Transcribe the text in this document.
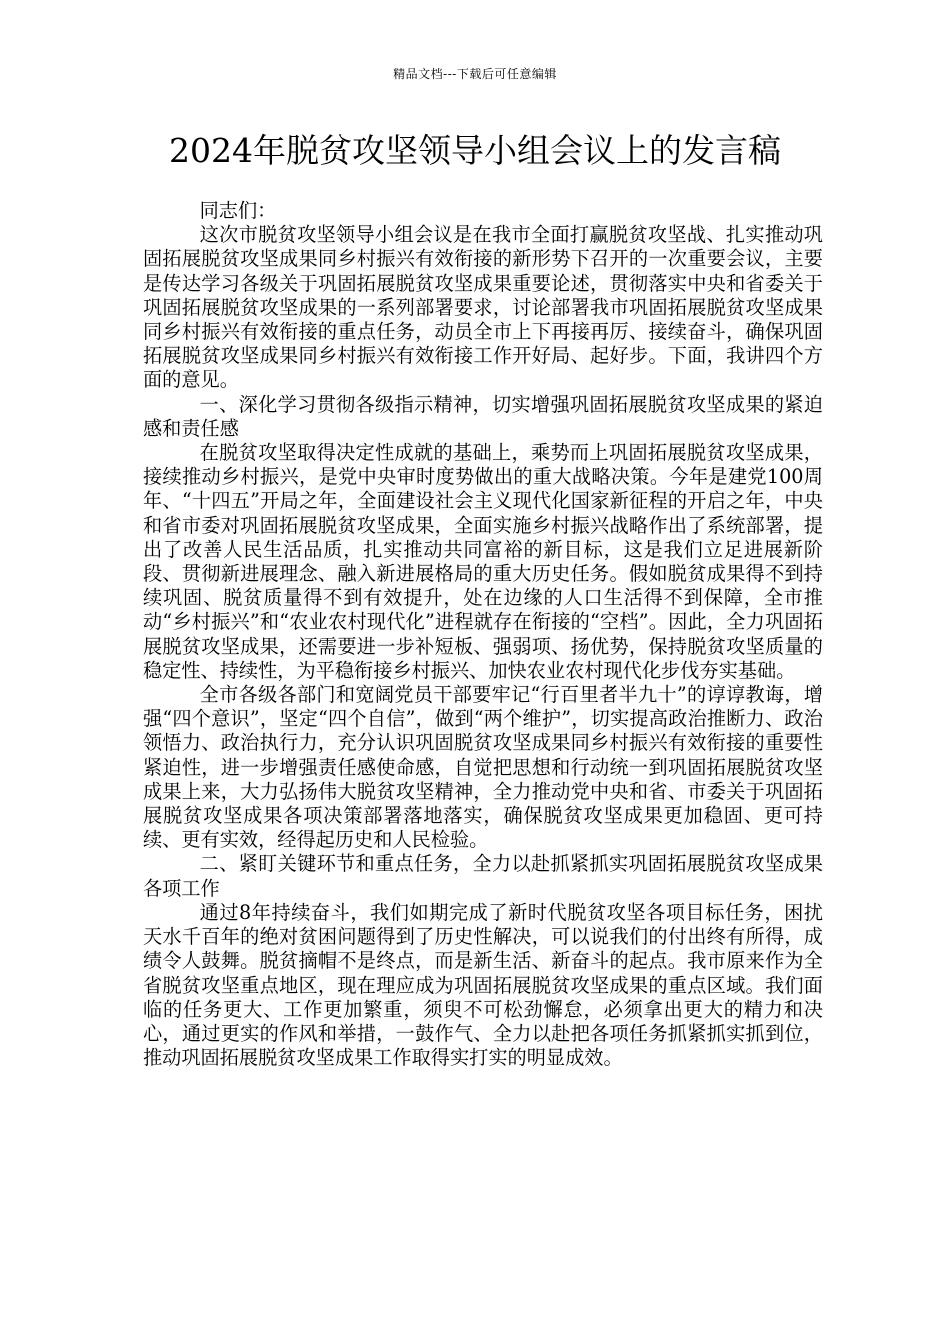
精品文档---下载后可任意编辑
2024年脱贫攻坚领导小组会议上的发言稿

同志们：

这次市脱贫攻坚领导小组会议是在我市全面打赢脱贫攻坚战、扎实推动巩固拓展脱贫攻坚成果同乡村振兴有效衔接的新形势下召开的一次重要会议，主要是传达学习各级关于巩固拓展脱贫攻坚成果重要论述，贯彻落实中央和省委关于巩固拓展脱贫攻坚成果的一系列部署要求，讨论部署我市巩固拓展脱贫攻坚成果同乡村振兴有效衔接的重点任务，动员全市上下再接再厉、接续奋斗，确保巩固拓展脱贫攻坚成果同乡村振兴有效衔接工作开好局、起好步。下面，我讲四个方面的意见。

一、深化学习贯彻各级指示精神，切实增强巩固拓展脱贫攻坚成果的紧迫感和责任感

在脱贫攻坚取得决定性成就的基础上，乘势而上巩固拓展脱贫攻坚成果，接续推动乡村振兴，是党中央审时度势做出的重大战略决策。今年是建党100周年、“十四五”开局之年，全面建设社会主义现代化国家新征程的开启之年，中央和省市委对巩固拓展脱贫攻坚成果，全面实施乡村振兴战略作出了系统部署，提出了改善人民生活品质，扎实推动共同富裕的新目标，这是我们立足进展新阶段、贯彻新进展理念、融入新进展格局的重大历史任务。假如脱贫成果得不到持续巩固、脱贫质量得不到有效提升，处在边缘的人口生活得不到保障，全市推动“乡村振兴”和“农业农村现代化”进程就存在衔接的“空档”。因此，全力巩固拓展脱贫攻坚成果，还需要进一步补短板、强弱项、扬优势，保持脱贫攻坚质量的稳定性、持续性，为平稳衔接乡村振兴、加快农业农村现代化步伐夯实基础。

全市各级各部门和宽阔党员干部要牢记“行百里者半九十”的谆谆教诲，增强“四个意识”，坚定“四个自信”，做到“两个维护”，切实提高政治推断力、政治领悟力、政治执行力，充分认识巩固脱贫攻坚成果同乡村振兴有效衔接的重要性紧迫性，进一步增强责任感使命感，自觉把思想和行动统一到巩固拓展脱贫攻坚成果上来，大力弘扬伟大脱贫攻坚精神，全力推动党中央和省、市委关于巩固拓展脱贫攻坚成果各项决策部署落地落实，确保脱贫攻坚成果更加稳固、更可持续、更有实效，经得起历史和人民检验。

二、紧盯关键环节和重点任务，全力以赴抓紧抓实巩固拓展脱贫攻坚成果各项工作

通过8年持续奋斗，我们如期完成了新时代脱贫攻坚各项目标任务，困扰天水千百年的绝对贫困问题得到了历史性解决，可以说我们的付出终有所得，成绩令人鼓舞。脱贫摘帽不是终点，而是新生活、新奋斗的起点。我市原来作为全省脱贫攻坚重点地区，现在理应成为巩固拓展脱贫攻坚成果的重点区域。我们面临的任务更大、工作更加繁重，须臾不可松劲懈怠，必须拿出更大的精力和决心，通过更实的作风和举措，一鼓作气、全力以赴把各项任务抓紧抓实抓到位，推动巩固拓展脱贫攻坚成果工作取得实打实的明显成效。
